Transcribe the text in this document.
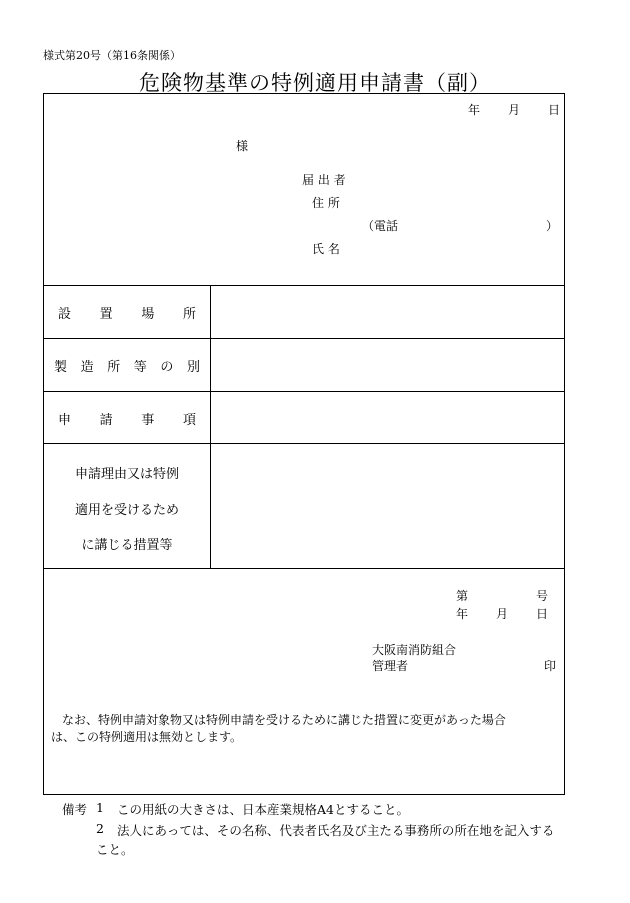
様式第20号（第16条関係）
危険物基準の特例適用申請書（副）
年 月 日
様
届 出 者
住 所
（電話	）
氏 名
設 置 場 所
製 造 所 等 の 別
申 請 事 項
申請理由又は特例
適用を受けるため
に講じる措置等
第	号
年 月 日
大阪南消防組合
管理者	印
なお、特例申請対象物又は特例申請を受けるために講じた措置に変更があった場合
は、この特例適用は無効とします。
備考 1 この用紙の大きさは、日本産業規格A4とすること。
2 法人にあっては、その名称、代表者氏名及び主たる事務所の所在地を記入する
こと。
